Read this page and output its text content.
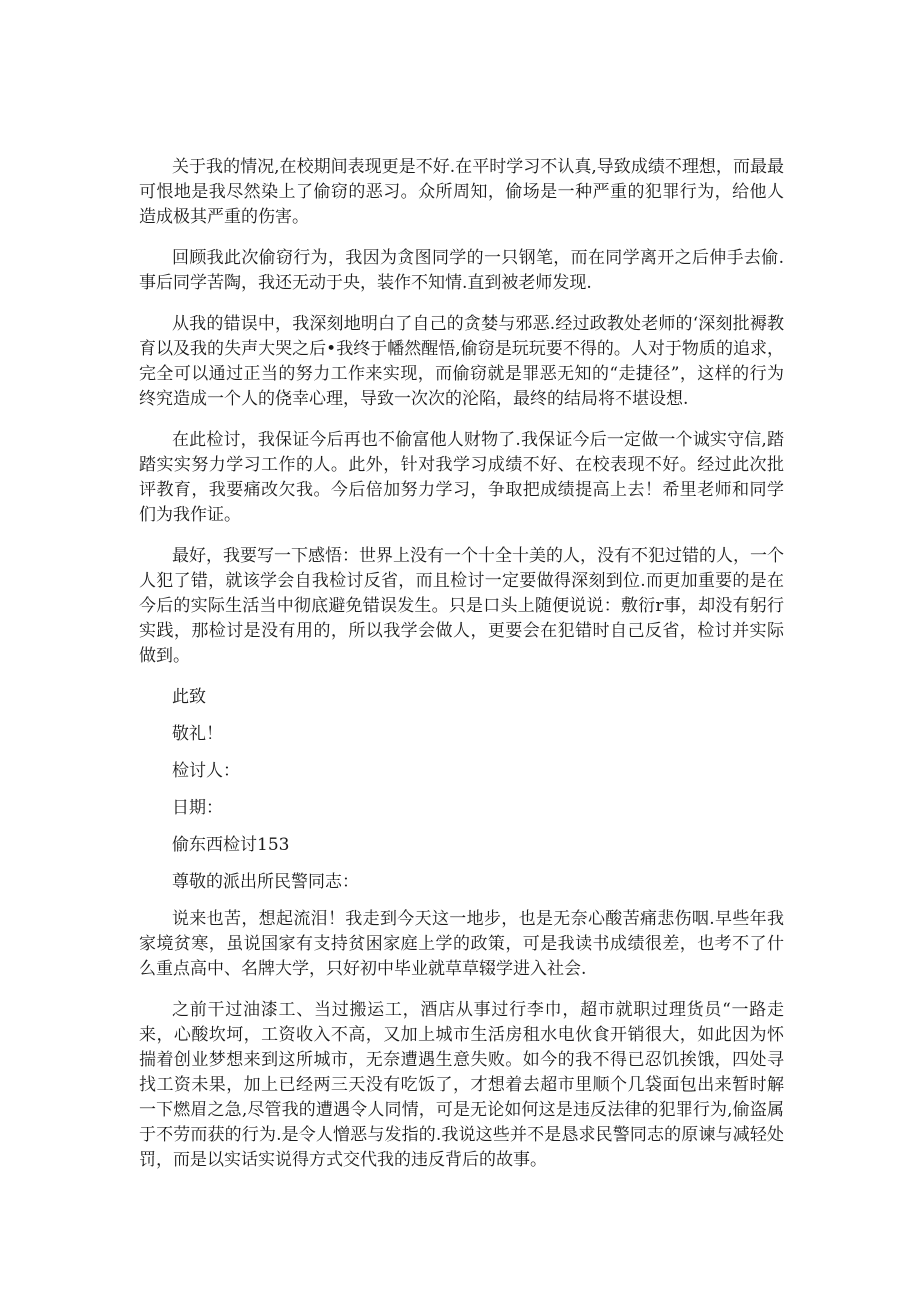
关于我的情况,在校期间表现更是不好.在平时学习不认真,导致成绩不理想，而最最可恨地是我尽然染上了偷窃的恶习。众所周知，偷场是一种严重的犯罪行为，给他人造成极其严重的伤害。

回顾我此次偷窃行为，我因为贪图同学的一只钢笔，而在同学离开之后伸手去偷.事后同学苦陶，我还无动于央，装作不知情.直到被老师发现.

从我的错误中，我深刻地明白了自己的贪婪与邪恶.经过政教处老师的‘深刻批褥教育以及我的失声大哭之后•我终于幡然醒悟,偷窃是玩玩要不得的。人对于物质的追求，完全可以通过正当的努力工作来实现，而偷窃就是罪恶无知的“走捷径”，这样的行为终究造成一个人的侥幸心理，导致一次次的沦陷，最终的结局将不堪设想.

在此检讨，我保证今后再也不偷富他人财物了.我保证今后一定做一个诚实守信,踏踏实实努力学习工作的人。此外，针对我学习成绩不好、在校表现不好。经过此次批评教育，我要痛改欠我。今后倍加努力学习，争取把成绩提高上去！希里老师和同学们为我作证。

最好，我要写一下感悟：世界上没有一个十全十美的人，没有不犯过错的人，一个人犯了错，就该学会自我检讨反省，而且检讨一定要做得深刻到位.而更加重要的是在今后的实际生活当中彻底避免错误发生。只是口头上随便说说：敷衍r事，却没有躬行实践，那检讨是没有用的，所以我学会做人，更要会在犯错时自己反省，检讨并实际做到。

此致

敬礼！

检讨人：

日期：

偷东西检讨153

尊敬的派出所民警同志：

说来也苦，想起流泪！我走到今天这一地步，也是无奈心酸苦痛悲伤咽.早些年我家境贫寒，虽说国家有支持贫困家庭上学的政策，可是我读书成绩很差，也考不了什么重点高中、名牌大学，只好初中毕业就草草辍学进入社会.

之前干过油漆工、当过搬运工，酒店从事过行李巾，超市就职过理货员“一路走来，心酸坎坷，工资收入不高，又加上城市生活房租水电伙食开销很大，如此因为怀揣着创业梦想来到这所城市，无奈遭遇生意失败。如今的我不得已忍饥挨饿，四处寻找工资未果，加上已经两三天没有吃饭了，才想着去超市里顺个几袋面包出来暂时解一下燃眉之急,尽管我的遭遇令人同情，可是无论如何这是违反法律的犯罪行为,偷盗属于不劳而获的行为.是令人憎恶与发指的.我说这些并不是恳求民警同志的原谏与减轻处罚，而是以实话实说得方式交代我的违反背后的故事。
